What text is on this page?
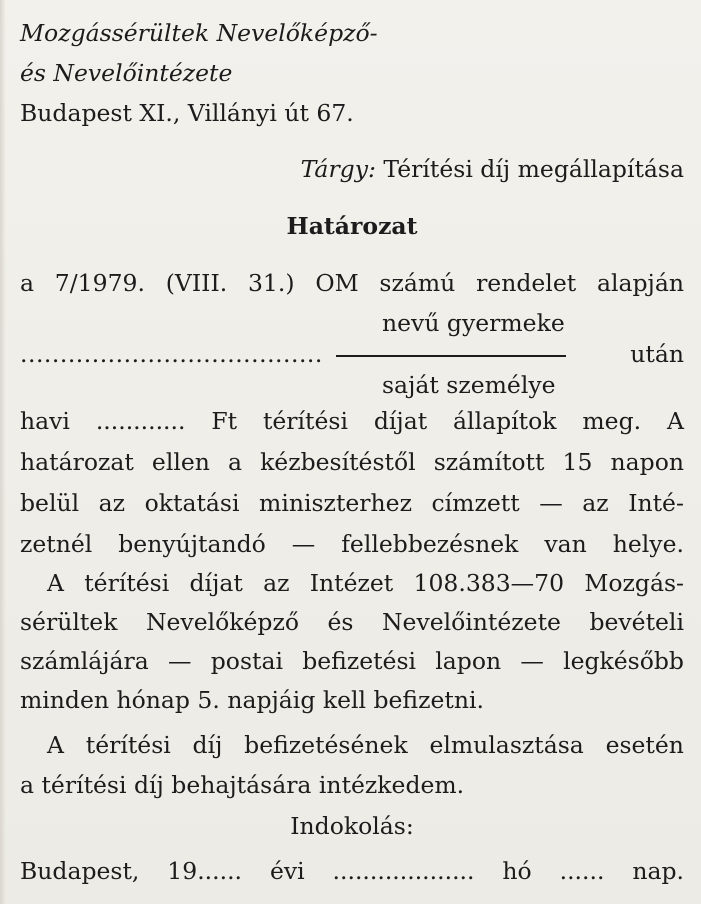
Mozgássérültek Nevelőképző-
és Nevelőintézete
Budapest XI., Villányi út 67.
Tárgy: Térítési díj megállapítása
Határozat
a 7/1979. (VIII. 31.) OM számú rendelet alapján
nevű gyermeke
......................................	után
saját személye
havi ............ Ft térítési díjat állapítok meg. A
határozat ellen a kézbesítéstől számított 15 napon
belül az oktatási miniszterhez címzett — az Inté-
zetnél benyújtandó — fellebbezésnek van helye.
A térítési díjat az Intézet 108.383—70 Mozgás-
sérültek Nevelőképző és Nevelőintézete bevételi
számlájára — postai befizetési lapon — legkésőbb
minden hónap 5. napjáig kell befizetni.
A térítési díj befizetésének elmulasztása esetén
a térítési díj behajtására intézkedem.
Indokolás:
Budapest, 19...... évi ................... hó ...... nap.
